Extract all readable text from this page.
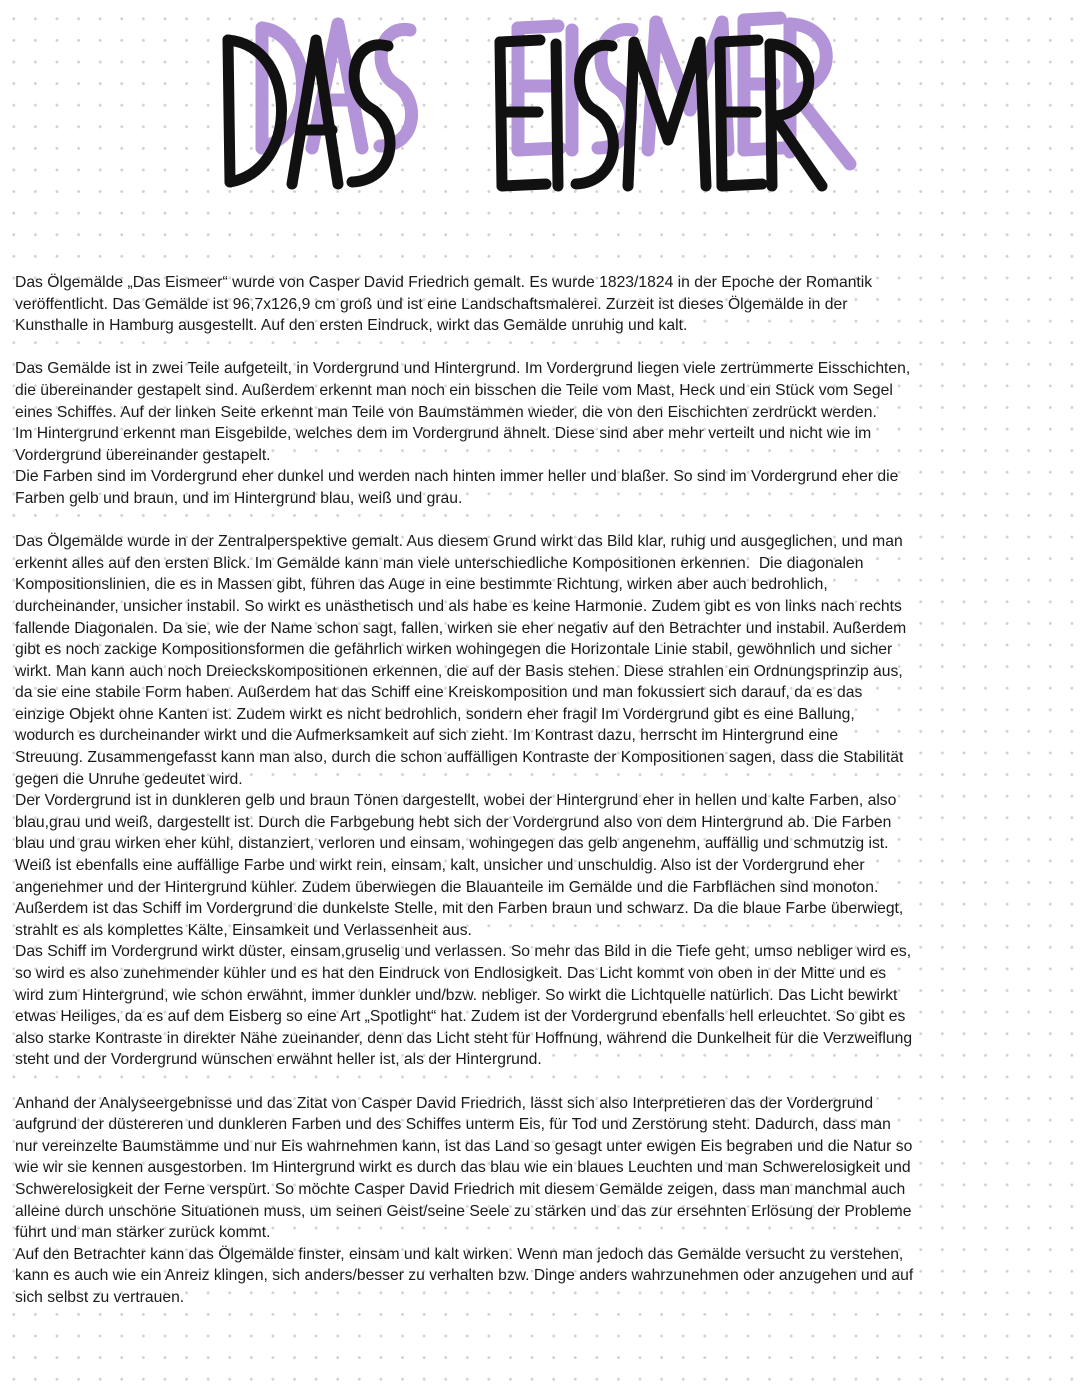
Das Ölgemälde „Das Eismeer“ wurde von Casper David Friedrich gemalt. Es wurde 1823/1824 in der Epoche der Romantik
veröffentlicht. Das Gemälde ist 96,7x126,9 cm groß und ist eine Landschaftsmalerei. Zurzeit ist dieses Ölgemälde in der
Kunsthalle in Hamburg ausgestellt. Auf den ersten Eindruck, wirkt das Gemälde unruhig und kalt.

Das Gemälde ist in zwei Teile aufgeteilt, in Vordergrund und Hintergrund. Im Vordergrund liegen viele zertrümmerte Eisschichten,
die übereinander gestapelt sind. Außerdem erkennt man noch ein bisschen die Teile vom Mast, Heck und ein Stück vom Segel
eines Schiffes. Auf der linken Seite erkennt man Teile von Baumstämmen wieder, die von den Eischichten zerdrückt werden.
Im Hintergrund erkennt man Eisgebilde, welches dem im Vordergrund ähnelt. Diese sind aber mehr verteilt und nicht wie im
Vordergrund übereinander gestapelt.
Die Farben sind im Vordergrund eher dunkel und werden nach hinten immer heller und blaßer. So sind im Vordergrund eher die
Farben gelb und braun, und im Hintergrund blau, weiß und grau.

Das Ölgemälde wurde in der Zentralperspektive gemalt. Aus diesem Grund wirkt das Bild klar, ruhig und ausgeglichen, und man
erkennt alles auf den ersten Blick. Im Gemälde kann man viele unterschiedliche Kompositionen erkennen.  Die diagonalen
Kompositionslinien, die es in Massen gibt, führen das Auge in eine bestimmte Richtung, wirken aber auch bedrohlich,
durcheinander, unsicher instabil. So wirkt es unästhetisch und als habe es keine Harmonie. Zudem gibt es von links nach rechts
fallende Diagonalen. Da sie, wie der Name schon sagt, fallen, wirken sie eher negativ auf den Betrachter und instabil. Außerdem
gibt es noch zackige Kompositionsformen die gefährlich wirken wohingegen die Horizontale Linie stabil, gewöhnlich und sicher
wirkt. Man kann auch noch Dreieckskompositionen erkennen, die auf der Basis stehen. Diese strahlen ein Ordnungsprinzip aus,
da sie eine stabile Form haben. Außerdem hat das Schiff eine Kreiskomposition und man fokussiert sich darauf, da es das
einzige Objekt ohne Kanten ist. Zudem wirkt es nicht bedrohlich, sondern eher fragil Im Vordergrund gibt es eine Ballung,
wodurch es durcheinander wirkt und die Aufmerksamkeit auf sich zieht. Im Kontrast dazu, herrscht im Hintergrund eine
Streuung. Zusammengefasst kann man also, durch die schon auffälligen Kontraste der Kompositionen sagen, dass die Stabilität
gegen die Unruhe gedeutet wird.
Der Vordergrund ist in dunkleren gelb und braun Tönen dargestellt, wobei der Hintergrund eher in hellen und kalte Farben, also
blau,grau und weiß, dargestellt ist. Durch die Farbgebung hebt sich der Vordergrund also von dem Hintergrund ab. Die Farben
blau und grau wirken eher kühl, distanziert, verloren und einsam, wohingegen das gelb angenehm, auffällig und schmutzig ist.
Weiß ist ebenfalls eine auffällige Farbe und wirkt rein, einsam, kalt, unsicher und unschuldig. Also ist der Vordergrund eher
angenehmer und der Hintergrund kühler. Zudem überwiegen die Blauanteile im Gemälde und die Farbflächen sind monoton.
Außerdem ist das Schiff im Vordergrund die dunkelste Stelle, mit den Farben braun und schwarz. Da die blaue Farbe überwiegt,
strahlt es als komplettes Kälte, Einsamkeit und Verlassenheit aus.
Das Schiff im Vordergrund wirkt düster, einsam,gruselig und verlassen. So mehr das Bild in die Tiefe geht, umso nebliger wird es,
so wird es also zunehmender kühler und es hat den Eindruck von Endlosigkeit. Das Licht kommt von oben in der Mitte und es
wird zum Hintergrund, wie schon erwähnt, immer dunkler und/bzw. nebliger. So wirkt die Lichtquelle natürlich. Das Licht bewirkt
etwas Heiliges, da es auf dem Eisberg so eine Art „Spotlight“ hat. Zudem ist der Vordergrund ebenfalls hell erleuchtet. So gibt es
also starke Kontraste in direkter Nähe zueinander, denn das Licht steht für Hoffnung, während die Dunkelheit für die Verzweiflung
steht und der Vordergrund wünschen erwähnt heller ist, als der Hintergrund.

Anhand der Analyseergebnisse und das Zitat von Casper David Friedrich, lässt sich also Interpretieren das der Vordergrund
aufgrund der düstereren und dunkleren Farben und des Schiffes unterm Eis, für Tod und Zerstörung steht. Dadurch, dass man
nur vereinzelte Baumstämme und nur Eis wahrnehmen kann, ist das Land so gesagt unter ewigen Eis begraben und die Natur so
wie wir sie kennen ausgestorben. Im Hintergrund wirkt es durch das blau wie ein blaues Leuchten und man Schwerelosigkeit und
Schwerelosigkeit der Ferne verspürt. So möchte Casper David Friedrich mit diesem Gemälde zeigen, dass man manchmal auch
alleine durch unschöne Situationen muss, um seinen Geist/seine Seele zu stärken und das zur ersehnten Erlösung der Probleme
führt und man stärker zurück kommt.
Auf den Betrachter kann das Ölgemälde finster, einsam und kalt wirken. Wenn man jedoch das Gemälde versucht zu verstehen,
kann es auch wie ein Anreiz klingen, sich anders/besser zu verhalten bzw. Dinge anders wahrzunehmen oder anzugehen und auf
sich selbst zu vertrauen.
